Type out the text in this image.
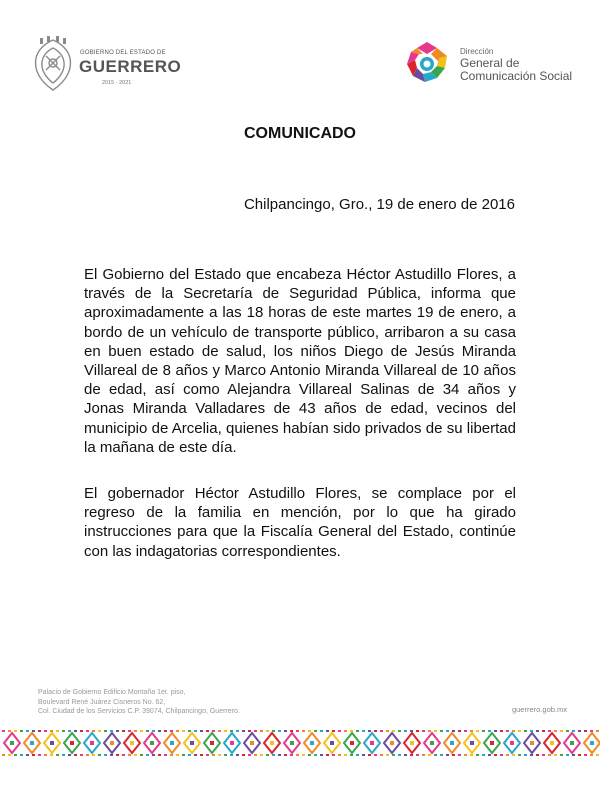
GOBIERNO DEL ESTADO DE
GUERRERO
2015 · 2021
Dirección
General de
Comunicación Social
COMUNICADO
Chilpancingo, Gro., 19 de enero de 2016
El Gobierno del Estado que encabeza Héctor Astudillo Flores, a través de la Secretaría de Seguridad Pública, informa que aproximadamente a las 18 horas de este martes 19 de enero, a bordo de un vehículo de transporte público, arribaron a su casa en buen estado de salud, los niños Diego de Jesús Miranda Villareal de 8 años y Marco Antonio Miranda Villareal de 10 años de edad, así como Alejandra Villareal Salinas de 34 años y Jonas Miranda Valladares de 43 años de edad, vecinos del municipio de Arcelia, quienes habían sido privados de su libertad la mañana de este día.
El gobernador Héctor Astudillo Flores, se complace por el regreso de la familia en mención, por lo que ha girado instrucciones para que la Fiscalía General del Estado, continúe con las indagatorias correspondientes.
Palacio de Gobierno Edificio Montaña 1er. piso,
Boulevard René Juárez Cisneros No. 62,
Col. Ciudad de los Servicios C.P. 39074, Chilpancingo, Guerrero.	guerrero.gob.mx
